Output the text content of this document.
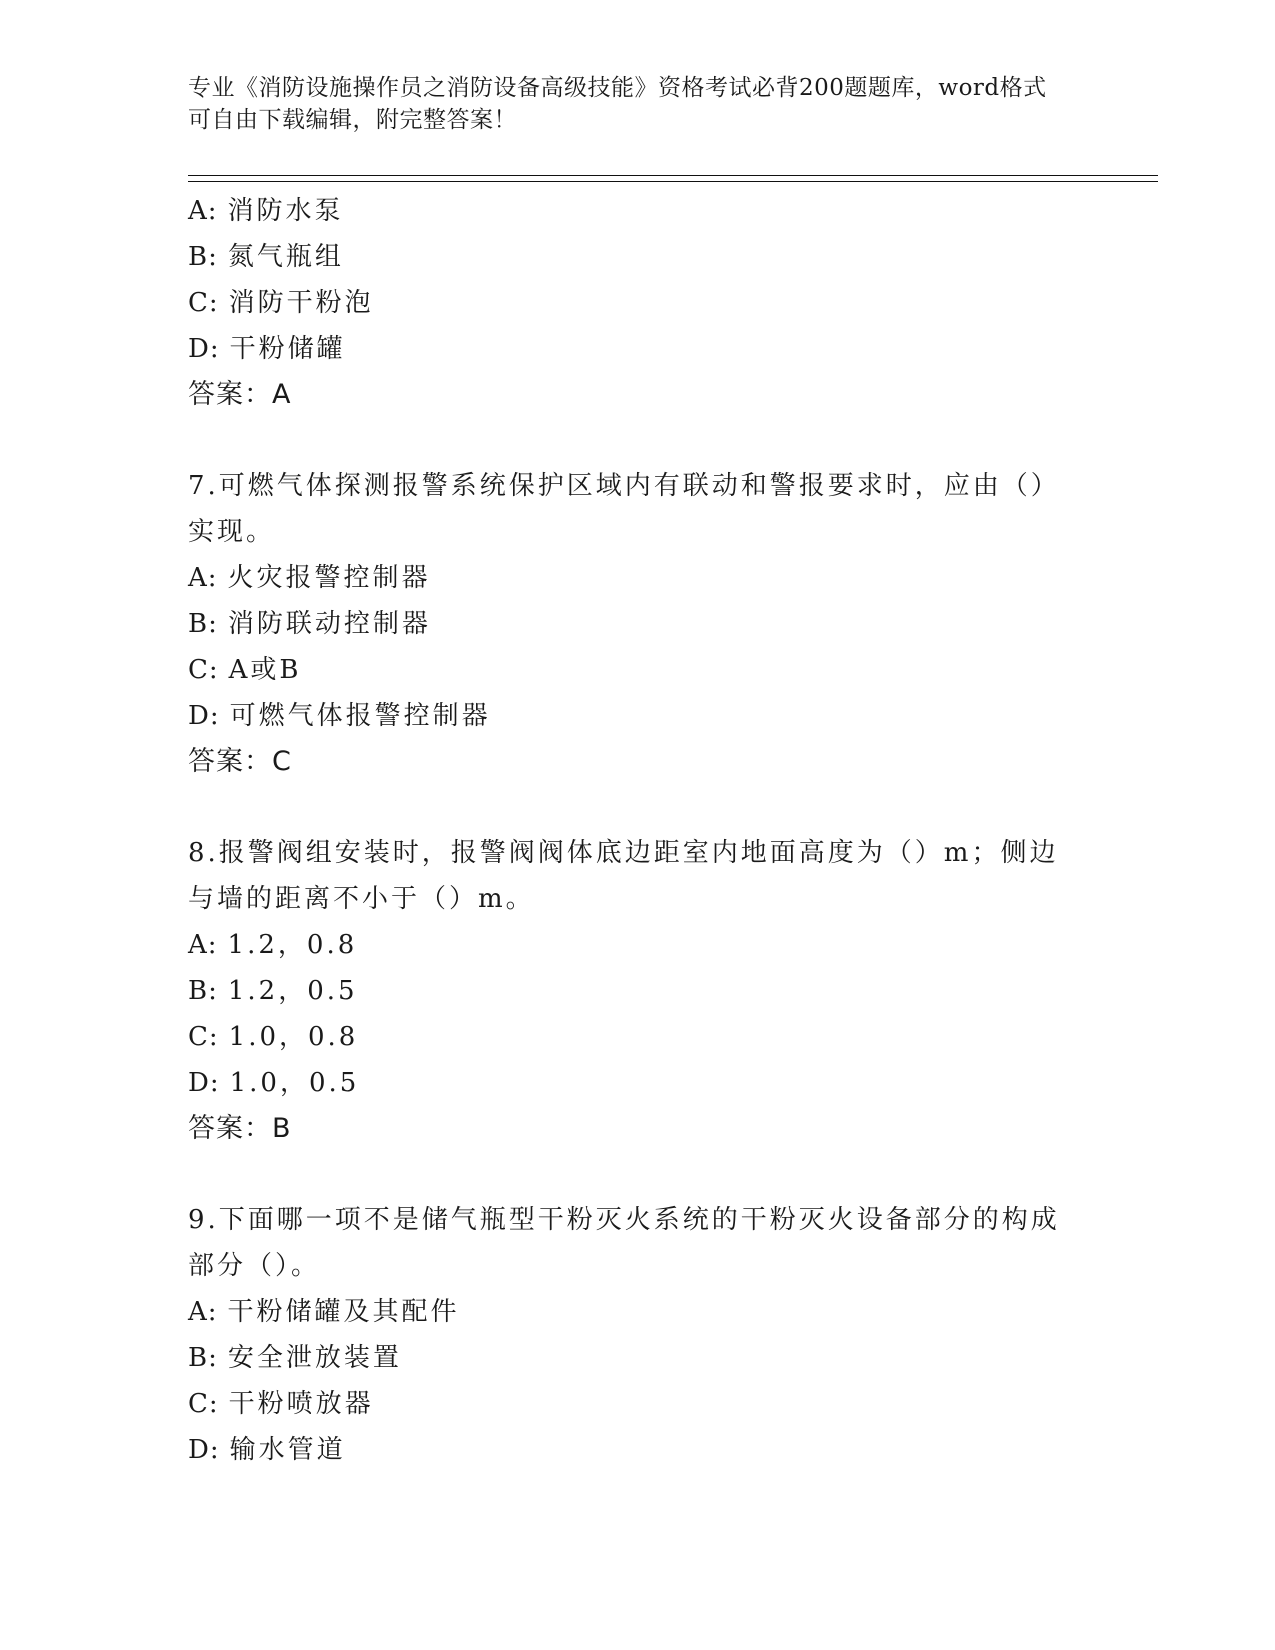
专业《消防设施操作员之消防设备高级技能》资格考试必背200题题库，word格式可自由下载编辑，附完整答案！
A: 消防水泵
B: 氮气瓶组
C: 消防干粉泡
D: 干粉储罐
答案：A
7.可燃气体探测报警系统保护区域内有联动和警报要求时，应由（）实现。
A: 火灾报警控制器
B: 消防联动控制器
C: A或B
D: 可燃气体报警控制器
答案：C
8.报警阀组安装时，报警阀阀体底边距室内地面高度为（）m；侧边与墙的距离不小于（）m。
A: 1.2，0.8
B: 1.2，0.5
C: 1.0，0.8
D: 1.0，0.5
答案：B
9.下面哪一项不是储气瓶型干粉灭火系统的干粉灭火设备部分的构成部分（）。
A: 干粉储罐及其配件
B: 安全泄放装置
C: 干粉喷放器
D: 输水管道
